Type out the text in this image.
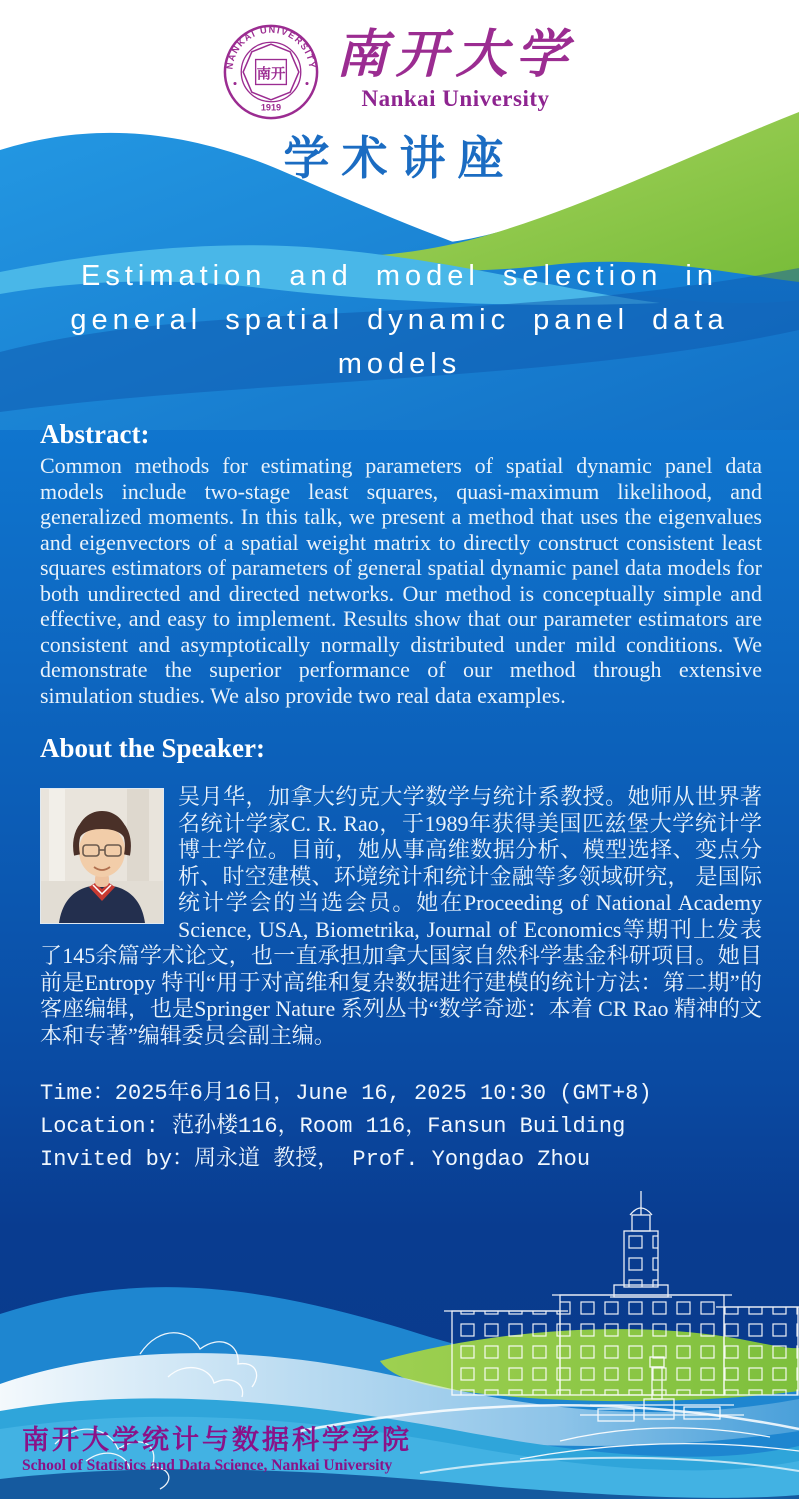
NANKAI UNIVERSITY
1919
南开 南开大学
Nankai University
学术讲座
Estimation and model selection in
general spatial dynamic panel data models
Abstract:

Common methods for estimating parameters of spatial dynamic panel data models include two-stage least squares, quasi-maximum likelihood, and generalized moments. In this talk, we present a method that uses the eigenvalues and eigenvectors of a spatial weight matrix to directly construct consistent least squares estimators of parameters of general spatial dynamic panel data models for both undirected and directed networks. Our method is conceptually simple and effective, and easy to implement. Results show that our parameter estimators are consistent and asymptotically normally distributed under mild conditions. We demonstrate the superior performance of our method through extensive simulation studies. We also provide two real data examples.

About the Speaker:
吴月华，加拿大约克大学数学与统计系教授。她师从世界著名统计学家C. R. Rao，于1989年获得美国匹兹堡大学统计学博士学位。目前，她从事高维数据分析、模型选择、变点分析、时空建模、环境统计和统计金融等多领域研究， 是国际统计学会的当选会员。她在Proceeding of National Academy Science, USA, Biometrika, Journal of Economics等期刊上发表了145余篇学术论文，也一直承担加拿大国家自然科学基金科研项目。她目前是Entropy 特刊“用于对高维和复杂数据进行建模的统计方法：第二期”的客座编辑，也是Springer Nature 系列丛书“数学奇迹：本着 CR Rao 精神的文本和专著”编辑委员会副主编。
Time：2025年6月16日，June 16, 2025 10:30 (GMT+8)
Location: 范孙楼116，Room 116，Fansun Building
Invited by：周永道 教授， Prof. Yongdao Zhou
南开大学统计与数据科学学院
School of Statistics and Data Science, Nankai University
